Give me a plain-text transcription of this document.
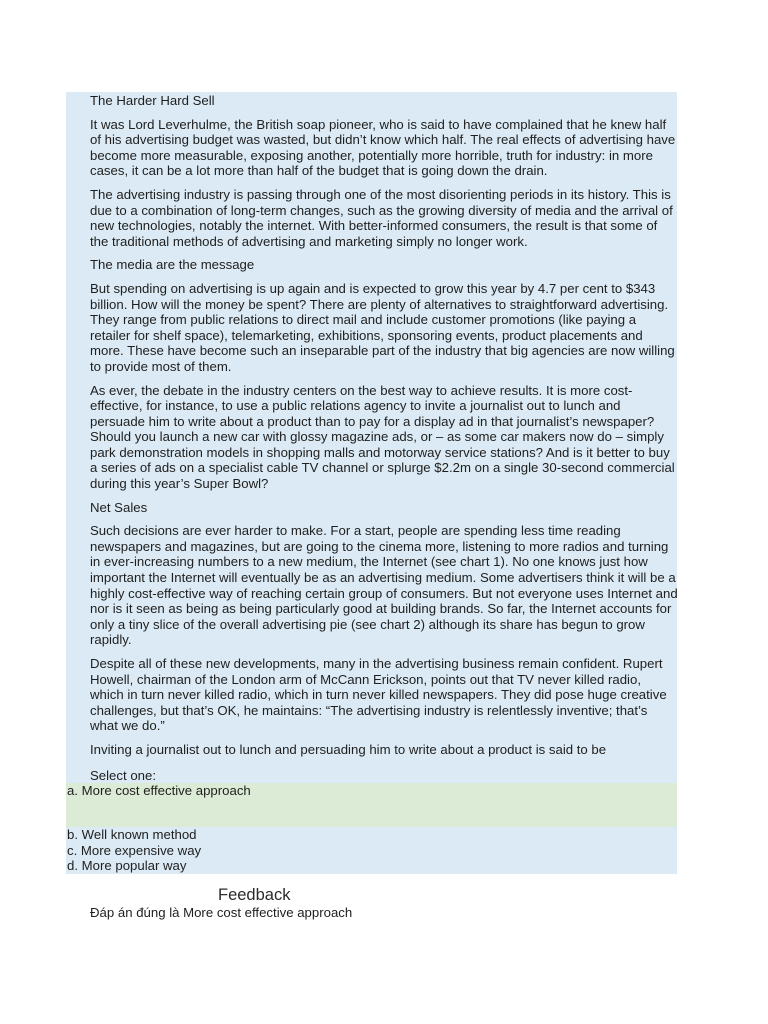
The Harder Hard Sell

It was Lord Leverhulme, the British soap pioneer, who is said to have complained that he knew half of his advertising budget was wasted, but didn’t know which half. The real effects of advertising have become more measurable, exposing another, potentially more horrible, truth for industry: in more cases, it can be a lot more than half of the budget that is going down the drain.

The advertising industry is passing through one of the most disorienting periods in its history. This is due to a combination of long-term changes, such as the growing diversity of media and the arrival of new technologies, notably the internet. With better-informed consumers, the result is that some of the traditional methods of advertising and marketing simply no longer work.

The media are the message

But spending on advertising is up again and is expected to grow this year by 4.7 per cent to $343 billion. How will the money be spent? There are plenty of alternatives to straightforward advertising. They range from public relations to direct mail and include customer promotions (like paying a retailer for shelf space), telemarketing, exhibitions, sponsoring events, product placements and more. These have become such an inseparable part of the industry that big agencies are now willing to provide most of them.

As ever, the debate in the industry centers on the best way to achieve results. It is more cost-effective, for instance, to use a public relations agency to invite a journalist out to lunch and persuade him to write about a product than to pay for a display ad in that journalist’s newspaper? Should you launch a new car with glossy magazine ads, or – as some car makers now do – simply park demonstration models in shopping malls and motorway service stations? And is it better to buy a series of ads on a specialist cable TV channel or splurge $2.2m on a single 30-second commercial during this year’s Super Bowl?

Net Sales

Such decisions are ever harder to make. For a start, people are spending less time reading newspapers and magazines, but are going to the cinema more, listening to more radios and turning in ever-increasing numbers to a new medium, the Internet (see chart 1). No one knows just how important the Internet will eventually be as an advertising medium. Some advertisers think it will be a highly cost-effective way of reaching certain group of consumers. But not everyone uses Internet and nor is it seen as being as being particularly good at building brands. So far, the Internet accounts for only a tiny slice of the overall advertising pie (see chart 2) although its share has begun to grow rapidly.

Despite all of these new developments, many in the advertising business remain confident. Rupert Howell, chairman of the London arm of McCann Erickson, points out that TV never killed radio, which in turn never killed radio, which in turn never killed newspapers. They did pose huge creative challenges, but that’s OK, he maintains: “The advertising industry is relentlessly inventive; that’s what we do.”

Inviting a journalist out to lunch and persuading him to write about a product is said to be

Select one:

a. More cost effective approach
b. Well known method
c. More expensive way
d. More popular way
Feedback
Đáp án đúng là More cost effective approach
